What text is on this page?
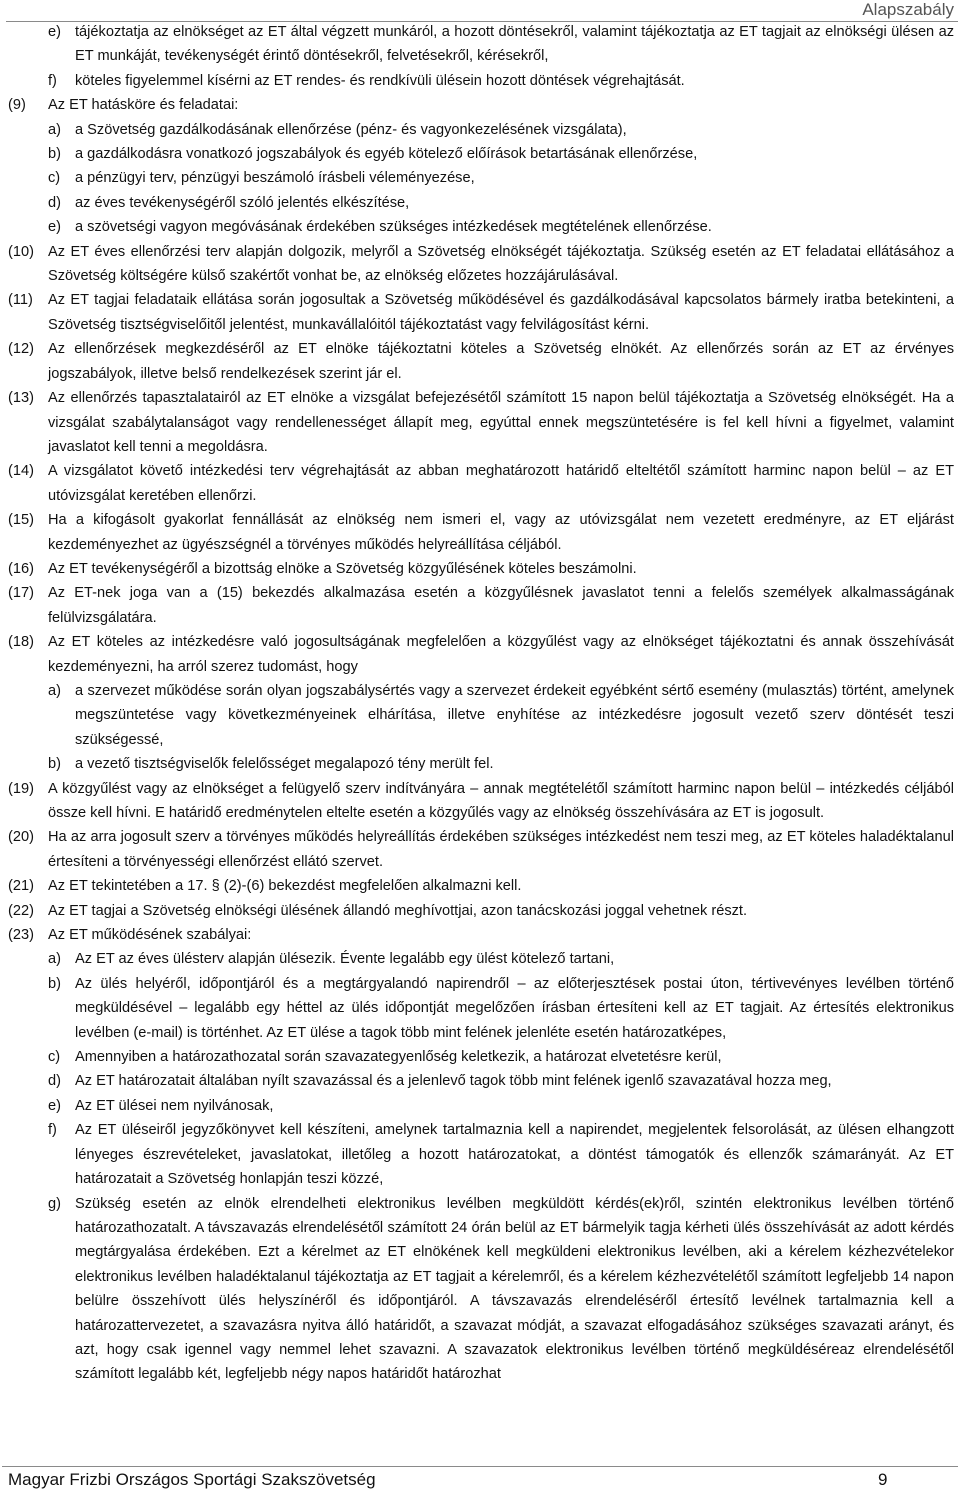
Alapszabály
e) tájékoztatja az elnökséget az ET által végzett munkáról, a hozott döntésekről, valamint tájékoztatja az ET tagjait az elnökségi ülésen az ET munkáját, tevékenységét érintő döntésekről, felvetésekről, kérésekről,
f)	köteles figyelemmel kísérni az ET rendes- és rendkívüli ülésein hozott döntések végrehajtását.
(9)	Az ET hatásköre és feladatai:
a) a Szövetség gazdálkodásának ellenőrzése (pénz- és vagyonkezelésének vizsgálata),
b) a gazdálkodásra vonatkozó jogszabályok és egyéb kötelező előírások betartásának ellenőrzése,
c)	a pénzügyi terv, pénzügyi beszámoló írásbeli véleményezése,
d) az éves tevékenységéről szóló jelentés elkészítése,
e) a szövetségi vagyon megóvásának érdekében szükséges intézkedések megtételének ellenőrzése.
(10) Az ET éves ellenőrzési terv alapján dolgozik, melyről a Szövetség elnökségét tájékoztatja. Szükség esetén az ET feladatai ellátásához a Szövetség költségére külső szakértőt vonhat be, az elnökség előzetes hozzájárulásával.
(11)	Az ET tagjai feladataik ellátása során jogosultak a Szövetség működésével és gazdálkodásával kapcsolatos bármely iratba betekinteni, a Szövetség tisztségviselőitől jelentést, munkavállalóitól tájékoztatást vagy felvilágosítást kérni.
(12) Az ellenőrzések megkezdéséről az ET elnöke tájékoztatni köteles a Szövetség elnökét. Az ellenőrzés során az ET az érvényes jogszabályok, illetve belső rendelkezések szerint jár el.
(13) Az ellenőrzés tapasztalatairól az ET elnöke a vizsgálat befejezésétől számított 15 napon belül tájékoztatja a Szövetség elnökségét. Ha a vizsgálat szabálytalanságot vagy rendellenességet állapít meg, egyúttal ennek megszüntetésére is fel kell hívni a figyelmet, valamint javaslatot kell tenni a megoldásra.
(14) A vizsgálatot követő intézkedési terv végrehajtását az abban meghatározott határidő elteltétől számított harminc napon belül – az ET utóvizsgálat keretében ellenőrzi.
(15) Ha a kifogásolt gyakorlat fennállását az elnökség nem ismeri el, vagy az utóvizsgálat nem vezetett eredményre, az ET eljárást kezdeményezhet az ügyészségnél a törvényes működés helyreállítása céljából.
(16) Az ET tevékenységéről a bizottság elnöke a Szövetség közgyűlésének köteles beszámolni.
(17) Az ET-nek joga van a (15) bekezdés alkalmazása esetén a közgyűlésnek javaslatot tenni a felelős személyek alkalmasságának felülvizsgálatára.
(18) Az ET köteles az intézkedésre való jogosultságának megfelelően a közgyűlést vagy az elnökséget tájékoztatni és annak összehívását kezdeményezni, ha arról szerez tudomást, hogy
a) a szervezet működése során olyan jogszabálysértés vagy a szervezet érdekeit egyébként sértő esemény (mulasztás) történt, amelynek megszüntetése vagy következményeinek elhárítása, illetve enyhítése az intézkedésre jogosult vezető szerv döntését teszi szükségessé,
b) a vezető tisztségviselők felelősséget megalapozó tény merült fel.
(19) A közgyűlést vagy az elnökséget a felügyelő szerv indítványára – annak megtételétől számított harminc napon belül – intézkedés céljából össze kell hívni. E határidő eredménytelen eltelte esetén a közgyűlés vagy az elnökség összehívására az ET is jogosult.
(20) Ha az arra jogosult szerv a törvényes működés helyreállítás érdekében szükséges intézkedést nem teszi meg, az ET köteles haladéktalanul értesíteni a törvényességi ellenőrzést ellátó szervet.
(21) Az ET tekintetében a 17. § (2)-(6) bekezdést megfelelően alkalmazni kell.
(22) Az ET tagjai a Szövetség elnökségi ülésének állandó meghívottjai, azon tanácskozási joggal vehetnek részt.
(23) Az ET működésének szabályai:
a) Az ET az éves ülésterv alapján ülésezik. Évente legalább egy ülést kötelező tartani,
b) Az ülés helyéről, időpontjáról és a megtárgyalandó napirendről – az előterjesztések postai úton, tértivevényes levélben történő megküldésével – legalább egy héttel az ülés időpontját megelőzően írásban értesíteni kell az ET tagjait. Az értesítés elektronikus levélben (e-mail) is történhet. Az ET ülése a tagok több mint felének jelenléte esetén határozatképes,
c)	Amennyiben a határozathozatal során szavazategyenlőség keletkezik, a határozat elvetetésre kerül,
d) Az ET határozatait általában nyílt szavazással és a jelenlevő tagok több mint felének igenlő szavazatával hozza meg,
e) Az ET ülései nem nyilvánosak,
f)	Az ET üléseiről jegyzőkönyvet kell készíteni, amelynek tartalmaznia kell a napirendet, megjelentek felsorolását, az ülésen elhangzott lényeges észrevételeket, javaslatokat, illetőleg a hozott határozatokat, a döntést támogatók és ellenzők számarányát. Az ET határozatait a Szövetség honlapján teszi közzé,
g) Szükség esetén az elnök elrendelheti elektronikus levélben megküldött kérdés(ek)ről, szintén elektronikus levélben történő határozathozatalt. A távszavazás elrendelésétől számított 24 órán belül az ET bármelyik tagja kérheti ülés összehívását az adott kérdés megtárgyalása érdekében. Ezt a kérelmet az ET elnökének kell megküldeni elektronikus levélben, aki a kérelem kézhezvételekor elektronikus levélben haladéktalanul tájékoztatja az ET tagjait a kérelemről, és a kérelem kézhezvételétől számított legfeljebb 14 napon belülre összehívott ülés helyszínéről és időpontjáról. A távszavazás elrendeléséről értesítő levélnek tartalmaznia kell a határozattervezetet, a szavazásra nyitva álló határidőt, a szavazat módját, a szavazat elfogadásához szükséges szavazati arányt, és azt, hogy csak igennel vagy nemmel lehet szavazni. A szavazatok elektronikus levélben történő megküldéséreaz elrendelésétől számított legalább két, legfeljebb négy napos határidőt határozhat
Magyar Frizbi Országos Sportági Szakszövetség	9
